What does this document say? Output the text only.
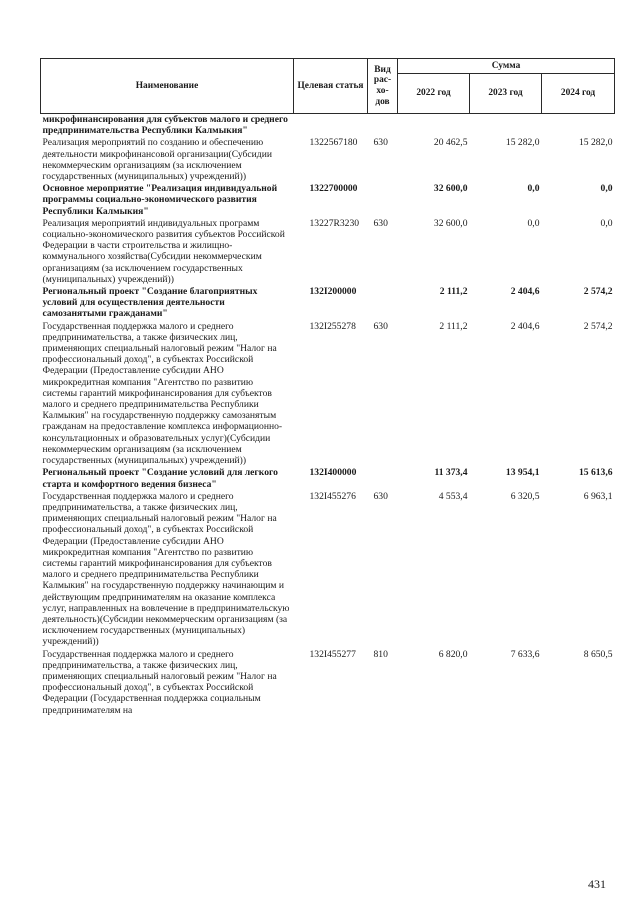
Наименование	Целевая статья	Вид рас-хо-дов	Сумма		
			2022 год	2023 год	2024 год
микрофинансирования для субъектов малого и среднего предпринимательства Республики Калмыкия"					
Реализация мероприятий по созданию и обеспечению деятельности микрофинансовой организации(Субсидии некоммерческим организациям (за исключением государственных (муниципальных) учреждений))	1322567180	630	20 462,5	15 282,0	15 282,0
Основное мероприятие "Реализация индивидуальной программы социально-экономического развития Республики Калмыкия"	1322700000		32 600,0	0,0	0,0
Реализация мероприятий индивидуальных программ социально-экономического развития субъектов Российской Федерации в части строительства и жилищно-коммунального хозяйства(Субсидии некоммерческим организациям (за исключением государственных (муниципальных) учреждений))	13227R3230	630	32 600,0	0,0	0,0
Региональный проект "Создание благоприятных условий для осуществления деятельности самозанятыми гражданами"	132I200000		2 111,2	2 404,6	2 574,2
Государственная поддержка малого и среднего предпринимательства, а также физических лиц, применяющих специальный налоговый режим "Налог на профессиональный доход", в субъектах Российской Федерации (Предоставление субсидии АНО микрокредитная компания "Агентство по развитию системы гарантий микрофинансирования для субъектов малого и среднего предпринимательства Республики Калмыкия" на государственную поддержку самозанятым гражданам на предоставление комплекса информационно-консультационных и образовательных услуг)(Субсидии некоммерческим организациям (за исключением государственных (муниципальных) учреждений))	132I255278	630	2 111,2	2 404,6	2 574,2
Региональный проект "Создание условий для легкого старта и комфортного ведения бизнеса"	132I400000		11 373,4	13 954,1	15 613,6
Государственная поддержка малого и среднего предпринимательства, а также физических лиц, применяющих специальный налоговый режим "Налог на профессиональный доход", в субъектах Российской Федерации (Предоставление субсидии АНО микрокредитная компания "Агентство по развитию системы гарантий микрофинансирования для субъектов малого и среднего предпринимательства Республики Калмыкия" на государственную поддержку начинающим и действующим предпринимателям на оказание комплекса услуг, направленных на вовлечение в предпринимательскую деятельность)(Субсидии некоммерческим организациям (за исключением государственных (муниципальных) учреждений))	132I455276	630	4 553,4	6 320,5	6 963,1
Государственная поддержка малого и среднего предпринимательства, а также физических лиц, применяющих специальный налоговый режим "Налог на профессиональный доход", в субъектах Российской Федерации (Государственная поддержка социальным предпринимателям на	132I455277	810	6 820,0	7 633,6	8 650,5
431
